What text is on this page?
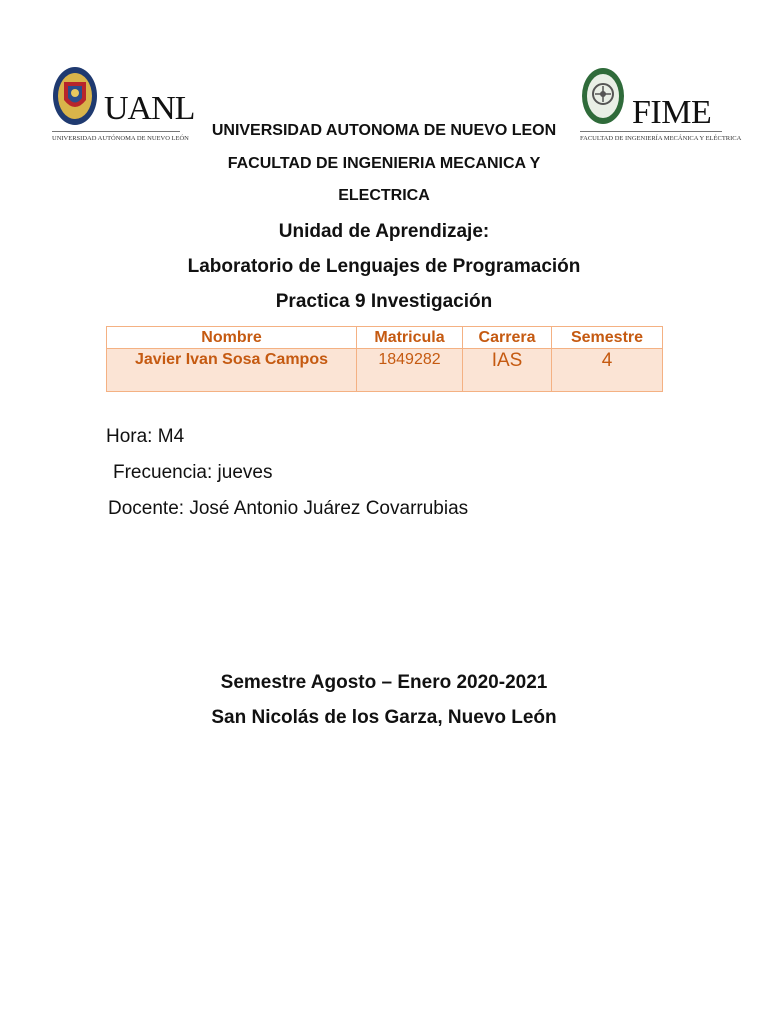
UANL
UNIVERSIDAD AUTÓNOMA DE NUEVO LEÓN
FIME
FACULTAD DE INGENIERÍA MECÁNICA Y ELÉCTRICA
UNIVERSIDAD AUTONOMA DE NUEVO LEON
FACULTAD DE INGENIERIA MECANICA Y
ELECTRICA
Unidad de Aprendizaje:
Laboratorio de Lenguajes de Programación
Practica 9 Investigación
Nombre	Matricula	Carrera	Semestre
Javier Ivan Sosa Campos	1849282	IAS	4
Hora: M4
Frecuencia: jueves
Docente: José Antonio Juárez Covarrubias
Semestre Agosto – Enero 2020-2021
San Nicolás de los Garza, Nuevo León
